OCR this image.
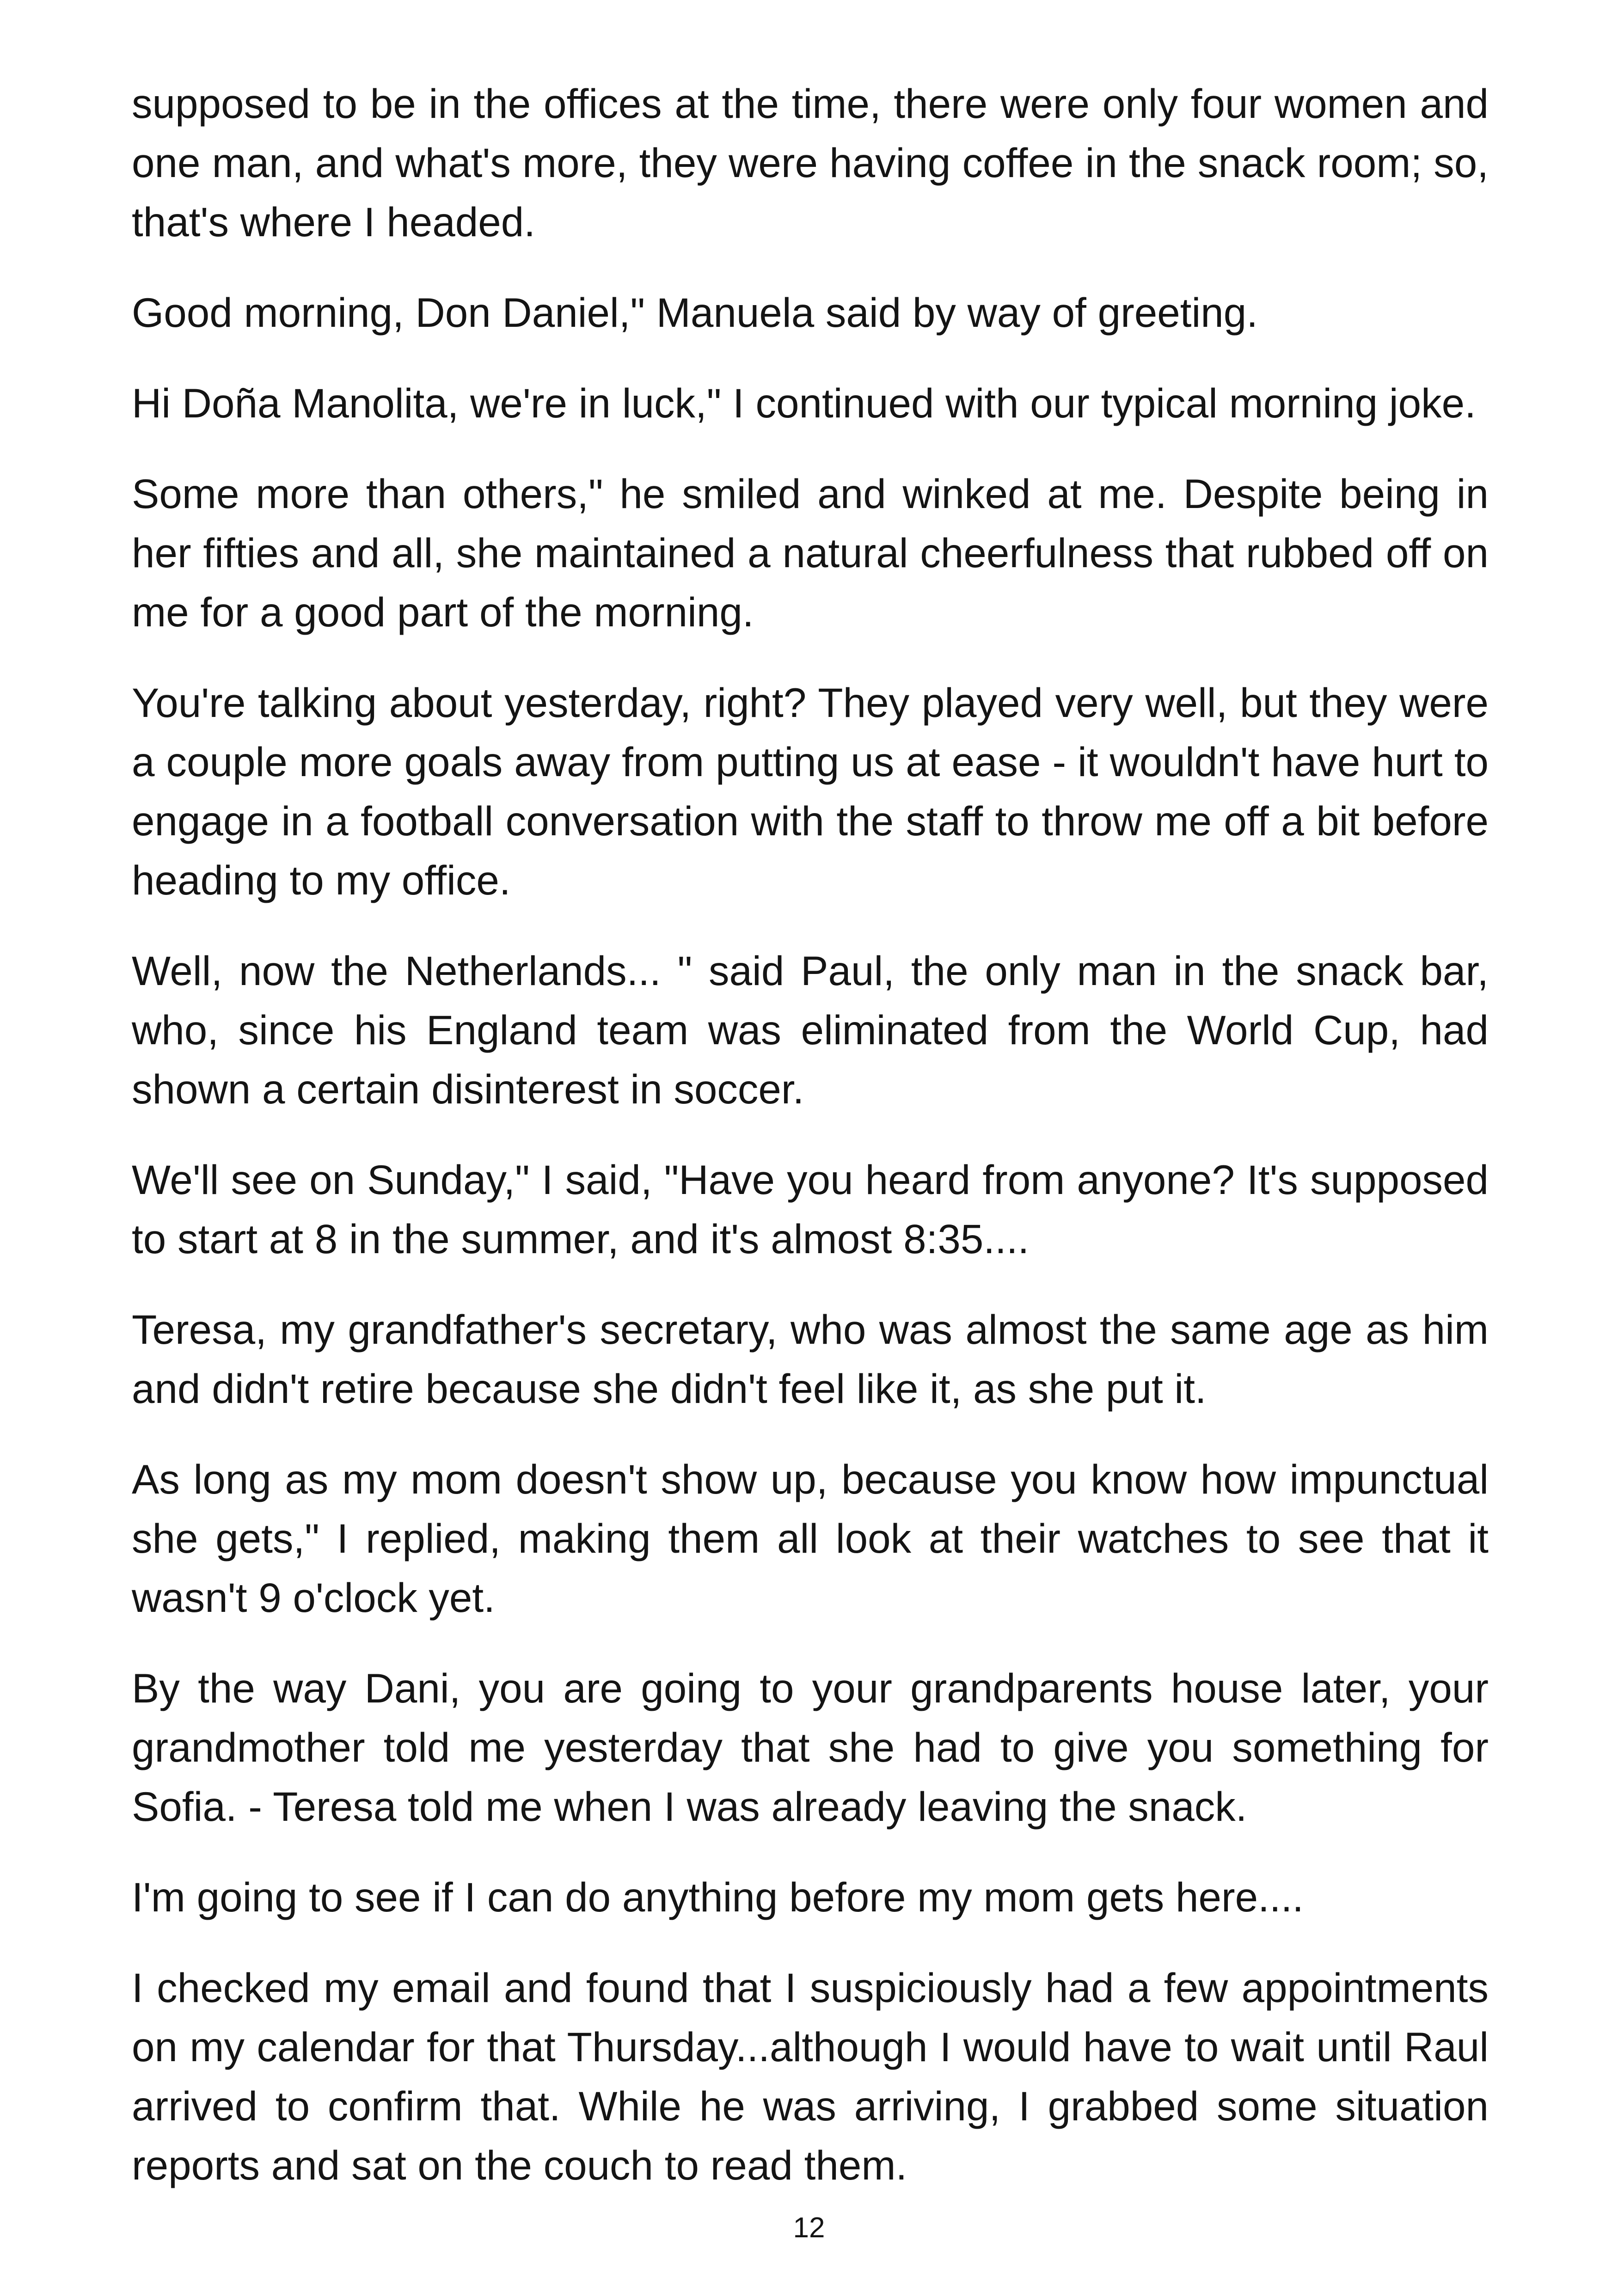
supposed to be in the offices at the time, there were only four women and one man, and what's more, they were having coffee in the snack room; so, that's where I headed.

Good morning, Don Daniel," Manuela said by way of greeting.

Hi Doña Manolita, we're in luck," I continued with our typical morning joke.

Some more than others," he smiled and winked at me. Despite being in her fifties and all, she maintained a natural cheerfulness that rubbed off on me for a good part of the morning.

You're talking about yesterday, right? They played very well, but they were a couple more goals away from putting us at ease - it wouldn't have hurt to engage in a football conversation with the staff to throw me off a bit before heading to my office.

Well, now the Netherlands... " said Paul, the only man in the snack bar, who, since his England team was eliminated from the World Cup, had shown a certain disinterest in soccer.

We'll see on Sunday," I said, "Have you heard from anyone? It's supposed to start at 8 in the summer, and it's almost 8:35....

Teresa, my grandfather's secretary, who was almost the same age as him and didn't retire because she didn't feel like it, as she put it.

As long as my mom doesn't show up, because you know how impunctual she gets," I replied, making them all look at their watches to see that it wasn't 9 o'clock yet.

By the way Dani, you are going to your grandparents house later, your grandmother told me yesterday that she had to give you something for Sofia. - Teresa told me when I was already leaving the snack.

I'm going to see if I can do anything before my mom gets here....

I checked my email and found that I suspiciously had a few appointments on my calendar for that Thursday...although I would have to wait until Raul arrived to confirm that. While he was arriving, I grabbed some situation reports and sat on the couch to read them.

12
